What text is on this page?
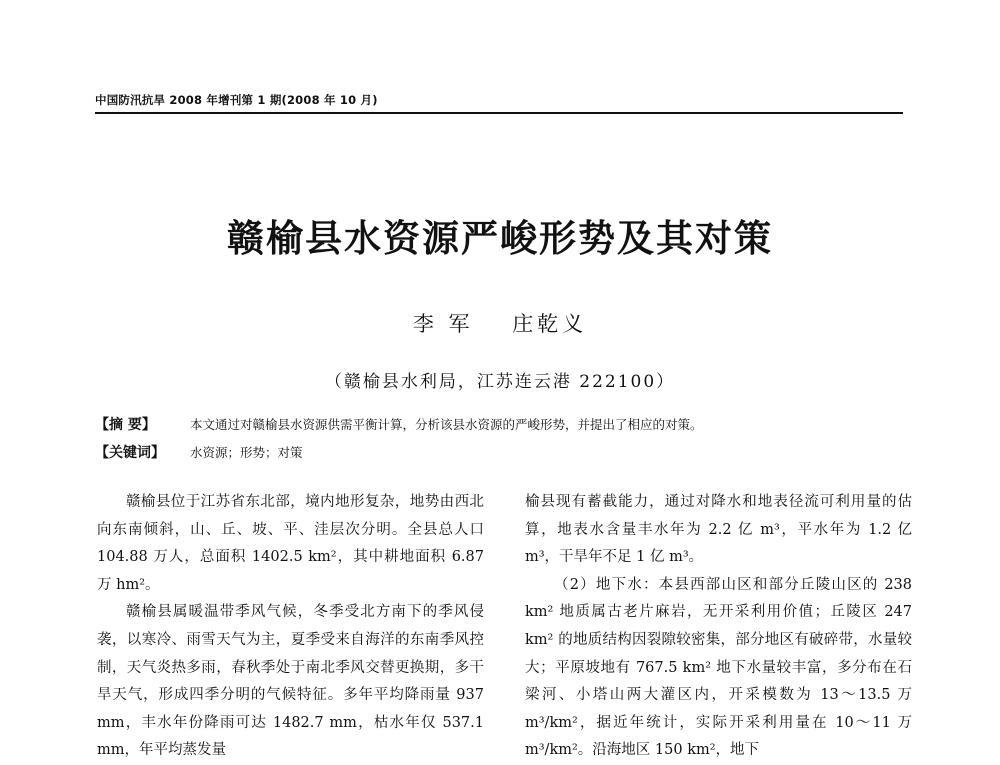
中国防汛抗旱 2008 年增刊第 1 期(2008 年 10 月)
赣榆县水资源严峻形势及其对策
李 军 庄乾义
（赣榆县水利局，江苏连云港 222100）
【摘 要】	本文通过对赣榆县水资源供需平衡计算，分析该县水资源的严峻形势，并提出了相应的对策。
【关键词】	水资源；形势；对策

赣榆县位于江苏省东北部，境内地形复杂，地势由西北向东南倾斜，山、丘、坡、平、洼层次分明。全县总人口 104.88 万人，总面积 1402.5 km²，其中耕地面积 6.87 万 hm²。

赣榆县属暖温带季风气候，冬季受北方南下的季风侵袭，以寒冷、雨雪天气为主，夏季受来自海洋的东南季风控制，天气炎热多雨，春秋季处于南北季风交替更换期，多干旱天气，形成四季分明的气候特征。多年平均降雨量 937 mm，丰水年份降雨可达 1482.7 mm，枯水年仅 537.1 mm，年平均蒸发量

榆县现有蓄截能力，通过对降水和地表径流可利用量的估算，地表水含量丰水年为 2.2 亿 m³，平水年为 1.2 亿 m³，干旱年不足 1 亿 m³。

（2）地下水：本县西部山区和部分丘陵山区的 238 km² 地质属古老片麻岩，无开采利用价值；丘陵区 247 km² 的地质结构因裂隙较密集，部分地区有破碎带，水量较大；平原坡地有 767.5 km² 地下水量较丰富，多分布在石梁河、小塔山两大灌区内，开采模数为 13～13.5 万 m³/km²，据近年统计，实际开采利用量在 10～11 万 m³/km²。沿海地区 150 km²，地下
